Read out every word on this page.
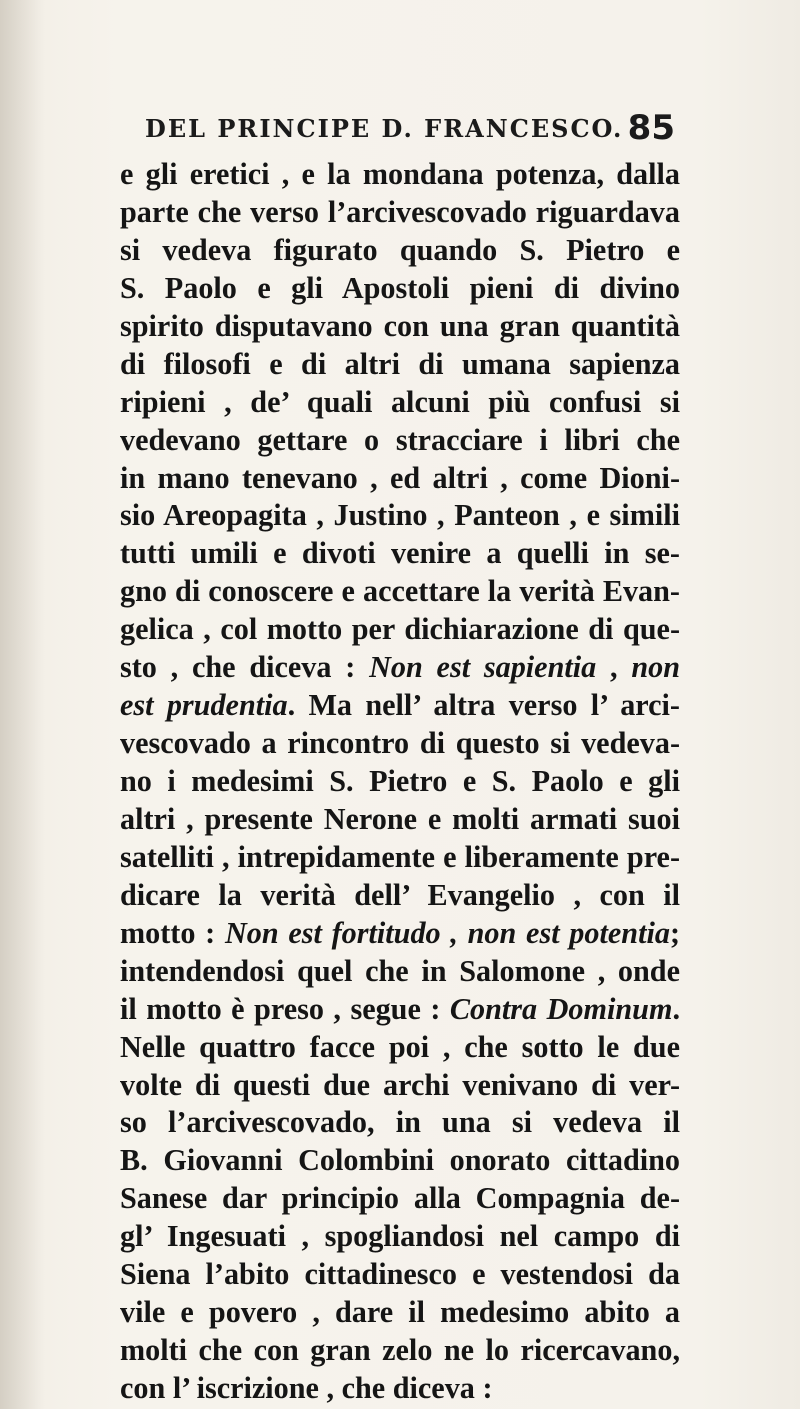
DEL PRINCIPE D. FRANCESCO. 85
e gli eretici , e la mondana potenza, dalla
parte che verso l’arcivescovado riguardava
si vedeva figurato quando S. Pietro e
S. Paolo e gli Apostoli pieni di divino
spirito disputavano con una gran quantità
di filosofi e di altri di umana sapienza
ripieni , de’ quali alcuni più confusi si
vedevano gettare o stracciare i libri che
in mano tenevano , ed altri , come Dioni-
sio Areopagita , Justino , Panteon , e simili
tutti umili e divoti venire a quelli in se-
gno di conoscere e accettare la verità Evan-
gelica , col motto per dichiarazione di que-
sto , che diceva : Non est sapientia , non
est prudentia. Ma nell’ altra verso l’ arci-
vescovado a rincontro di questo si vedeva-
no i medesimi S. Pietro e S. Paolo e gli
altri , presente Nerone e molti armati suoi
satelliti , intrepidamente e liberamente pre-
dicare la verità dell’ Evangelio , con il
motto : Non est fortitudo , non est potentia;
intendendosi quel che in Salomone , onde
il motto è preso , segue : Contra Dominum.
Nelle quattro facce poi , che sotto le due
volte di questi due archi venivano di ver-
so l’arcivescovado, in una si vedeva il
B. Giovanni Colombini onorato cittadino
Sanese dar principio alla Compagnia de-
gl’ Ingesuati , spogliandosi nel campo di
Siena l’abito cittadinesco e vestendosi da
vile e povero , dare il medesimo abito a
molti che con gran zelo ne lo ricercavano,
con l’ iscrizione , che diceva :
